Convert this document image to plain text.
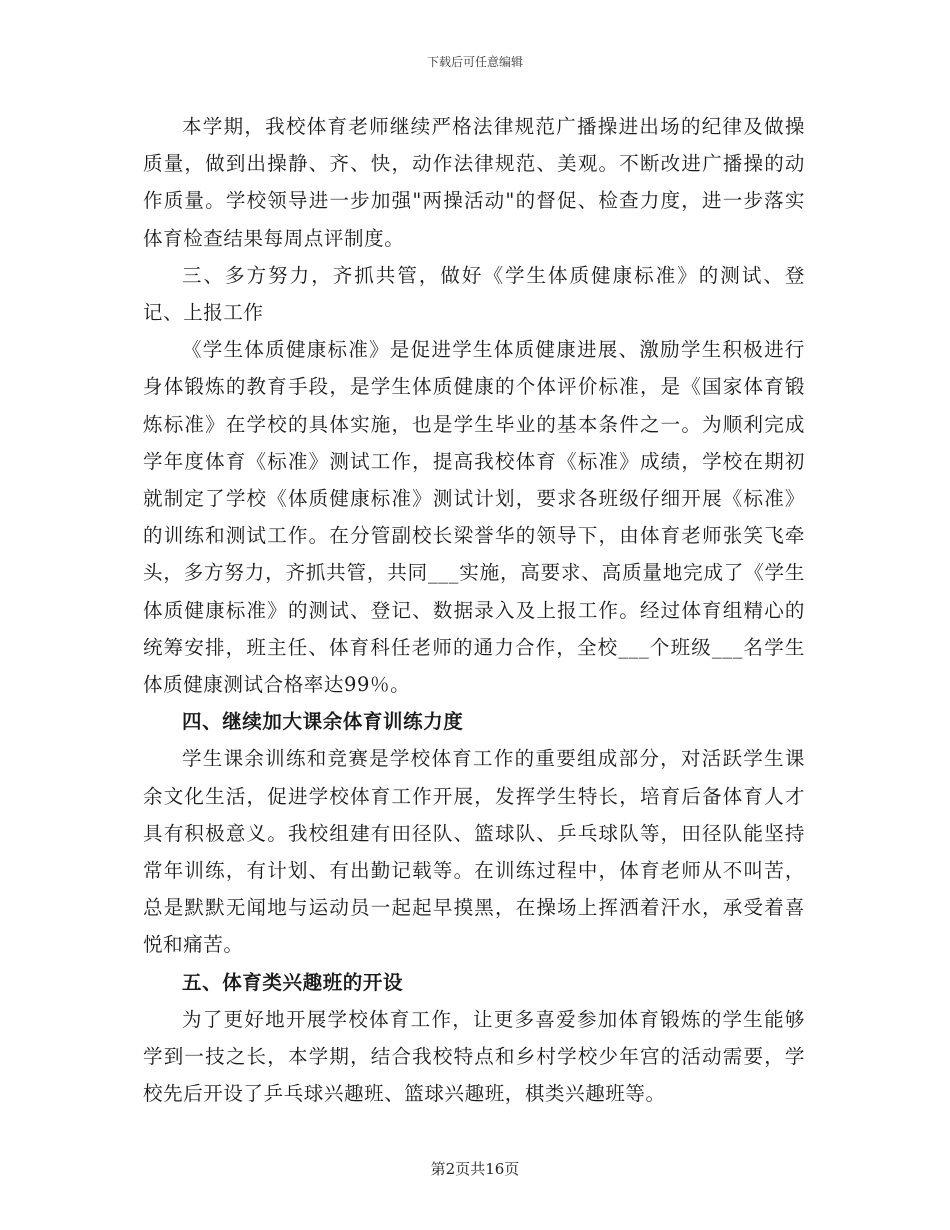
下载后可任意编辑

本学期，我校体育老师继续严格法律规范广播操进出场的纪律及做操质量，做到出操静、齐、快，动作法律规范、美观。不断改进广播操的动作质量。学校领导进一步加强"两操活动"的督促、检查力度，进一步落实体育检查结果每周点评制度。

三、多方努力，齐抓共管，做好《学生体质健康标准》的测试、登记、上报工作

《学生体质健康标准》是促进学生体质健康进展、激励学生积极进行身体锻炼的教育手段，是学生体质健康的个体评价标准，是《国家体育锻炼标准》在学校的具体实施，也是学生毕业的基本条件之一。为顺利完成学年度体育《标准》测试工作，提高我校体育《标准》成绩，学校在期初就制定了学校《体质健康标准》测试计划，要求各班级仔细开展《标准》的训练和测试工作。在分管副校长梁誉华的领导下，由体育老师张笑飞牵头，多方努力，齐抓共管，共同___实施，高要求、高质量地完成了《学生体质健康标准》的测试、登记、数据录入及上报工作。经过体育组精心的统筹安排，班主任、体育科任老师的通力合作，全校___个班级___名学生体质健康测试合格率达99％。

四、继续加大课余体育训练力度

学生课余训练和竞赛是学校体育工作的重要组成部分，对活跃学生课余文化生活，促进学校体育工作开展，发挥学生特长，培育后备体育人才具有积极意义。我校组建有田径队、篮球队、乒乓球队等，田径队能坚持常年训练，有计划、有出勤记载等。在训练过程中，体育老师从不叫苦，总是默默无闻地与运动员一起起早摸黑，在操场上挥洒着汗水，承受着喜悦和痛苦。

五、体育类兴趣班的开设

为了更好地开展学校体育工作，让更多喜爱参加体育锻炼的学生能够学到一技之长，本学期，结合我校特点和乡村学校少年宫的活动需要，学校先后开设了乒乓球兴趣班、篮球兴趣班，棋类兴趣班等。

第2页共16页
